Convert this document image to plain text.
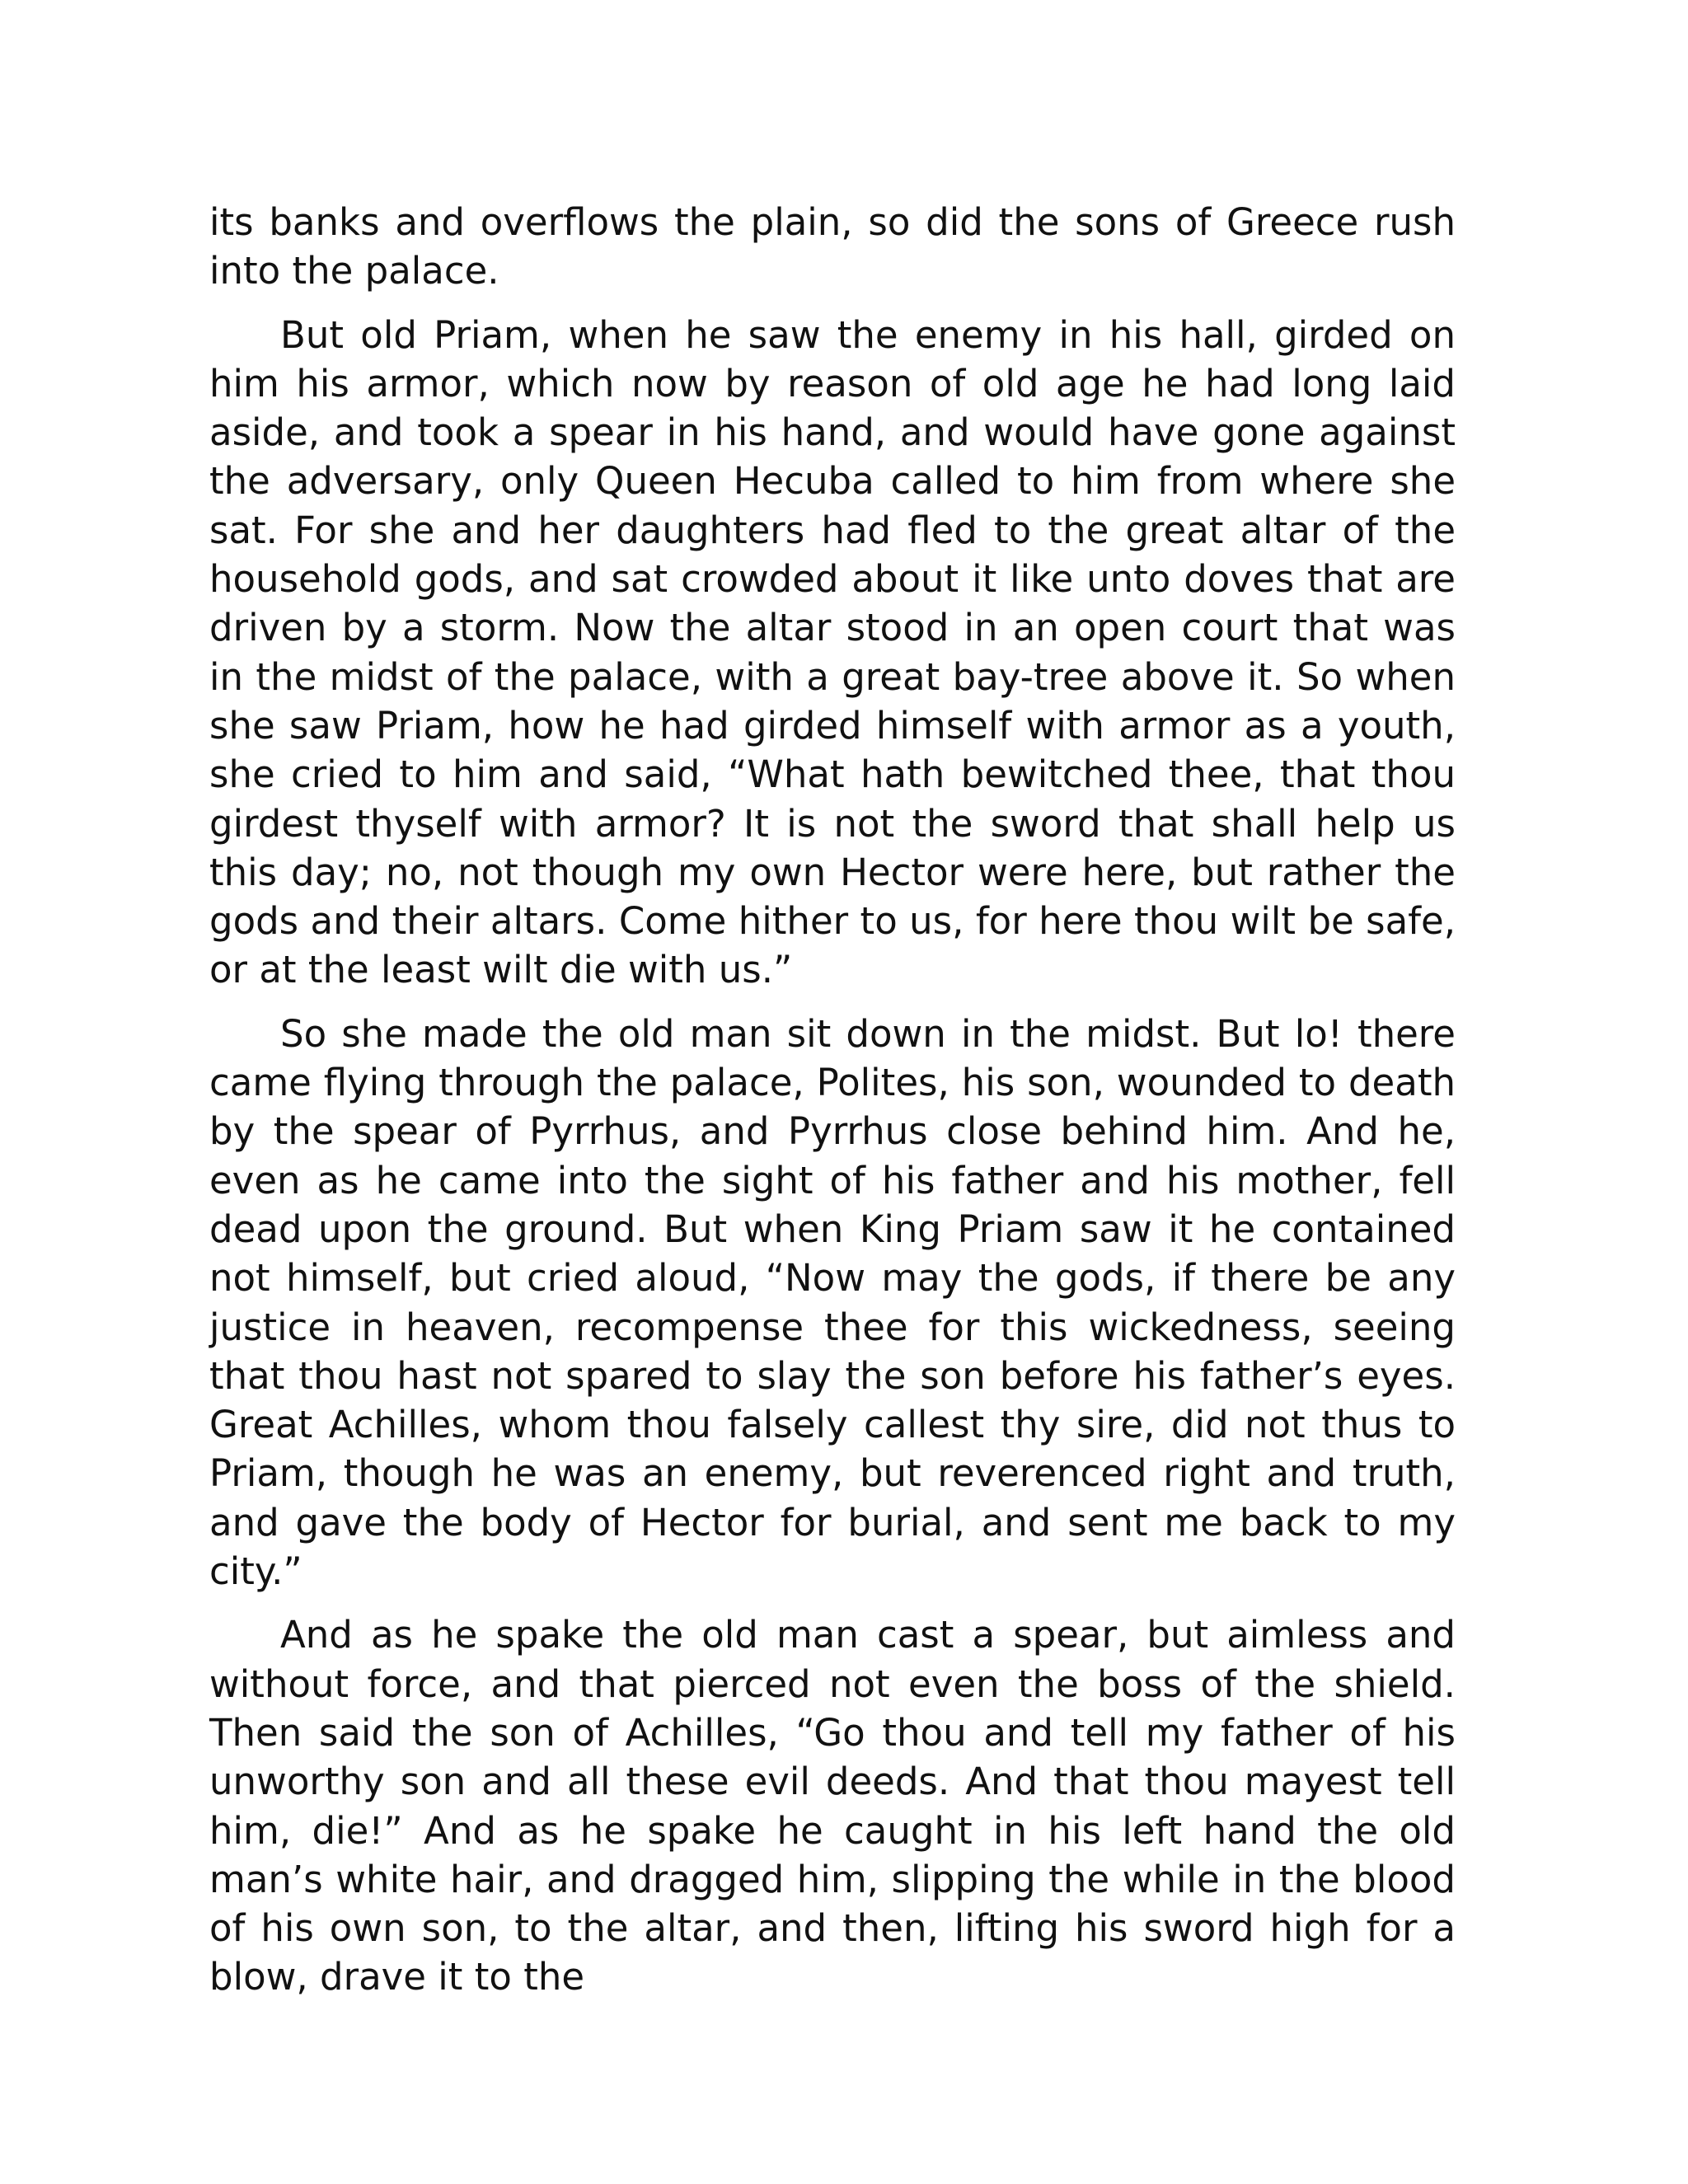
its banks and overflows the plain, so did the sons of Greece rush into the palace.

But old Priam, when he saw the enemy in his hall, girded on him his armor, which now by reason of old age he had long laid aside, and took a spear in his hand, and would have gone against the adversary, only Queen Hecuba called to him from where she sat. For she and her daughters had fled to the great altar of the household gods, and sat crowded about it like unto doves that are driven by a storm. Now the altar stood in an open court that was in the midst of the palace, with a great bay-tree above it. So when she saw Priam, how he had girded himself with armor as a youth, she cried to him and said, “What hath bewitched thee, that thou girdest thyself with armor? It is not the sword that shall help us this day; no, not though my own Hector were here, but rather the gods and their altars. Come hither to us, for here thou wilt be safe, or at the least wilt die with us.”

So she made the old man sit down in the midst. But lo! there came flying through the palace, Polites, his son, wounded to death by the spear of Pyrrhus, and Pyrrhus close behind him. And he, even as he came into the sight of his father and his mother, fell dead upon the ground. But when King Priam saw it he contained not himself, but cried aloud, “Now may the gods, if there be any justice in heaven, recompense thee for this wickedness, seeing that thou hast not spared to slay the son before his father’s eyes. Great Achilles, whom thou falsely callest thy sire, did not thus to Priam, though he was an enemy, but reverenced right and truth, and gave the body of Hector for burial, and sent me back to my city.”

And as he spake the old man cast a spear, but aimless and without force, and that pierced not even the boss of the shield. Then said the son of Achilles, “Go thou and tell my father of his unworthy son and all these evil deeds. And that thou mayest tell him, die!” And as he spake he caught in his left hand the old man’s white hair, and dragged him, slipping the while in the blood of his own son, to the altar, and then, lifting his sword high for a blow, drave it to the
